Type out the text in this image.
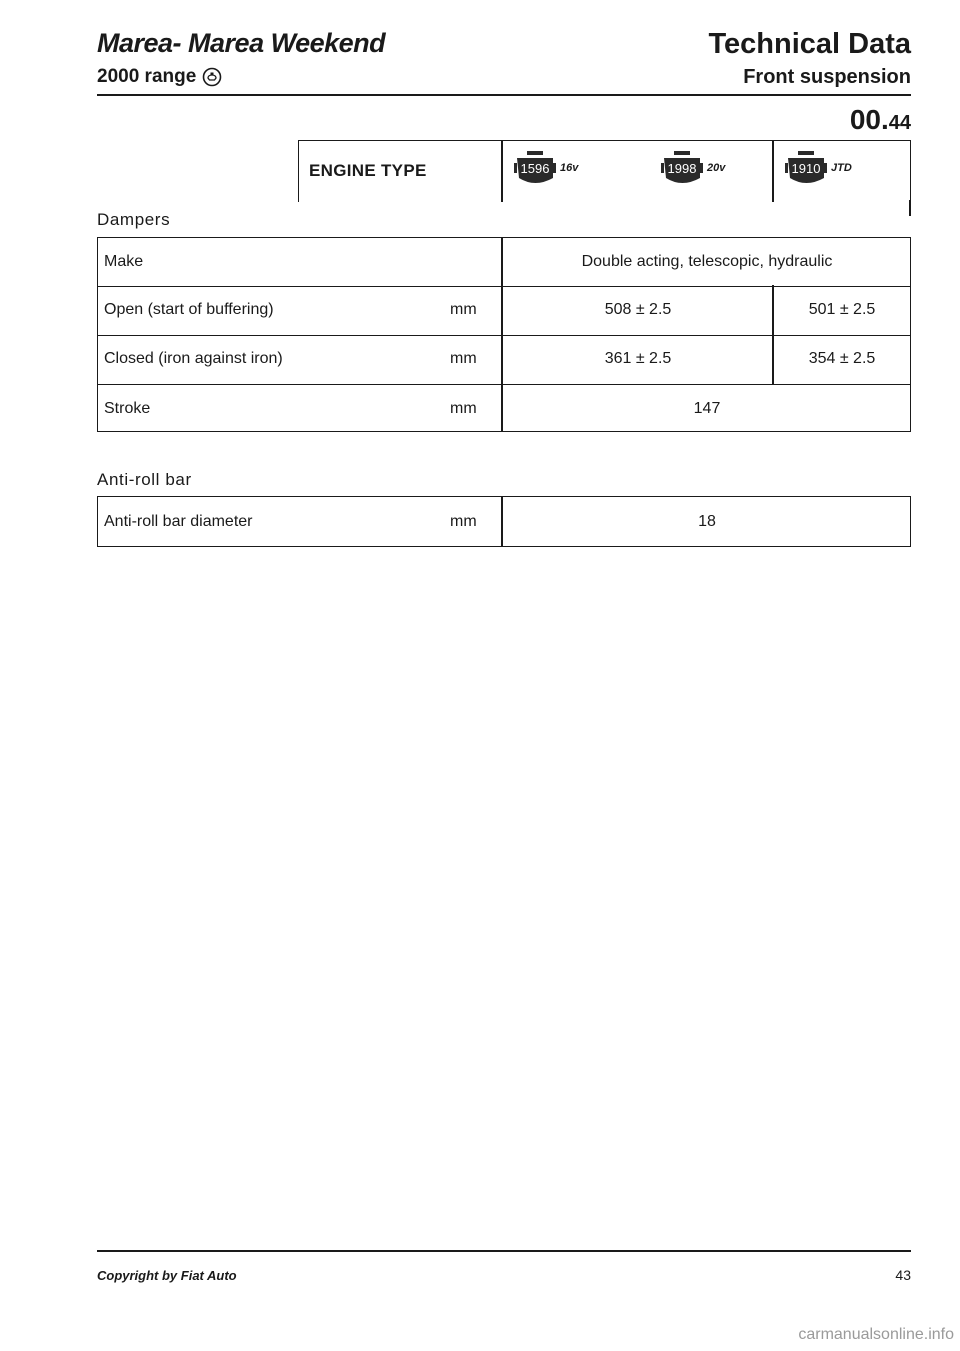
Marea- Marea Weekend
2000 range
Technical Data
Front suspension
00.44
ENGINE TYPE	1596 16v	1998 20v	1910 JTD
Dampers
Make	Double acting, telescopic, hydraulic
Open (start of buffering)	mm	508 ± 2.5	501 ± 2.5
Closed (iron against iron)	mm	361 ± 2.5	354 ± 2.5
Stroke	mm	147
Anti-roll bar
Anti-roll bar diameter	mm	18
Copyright by Fiat Auto	43
carmanualsonline.info
